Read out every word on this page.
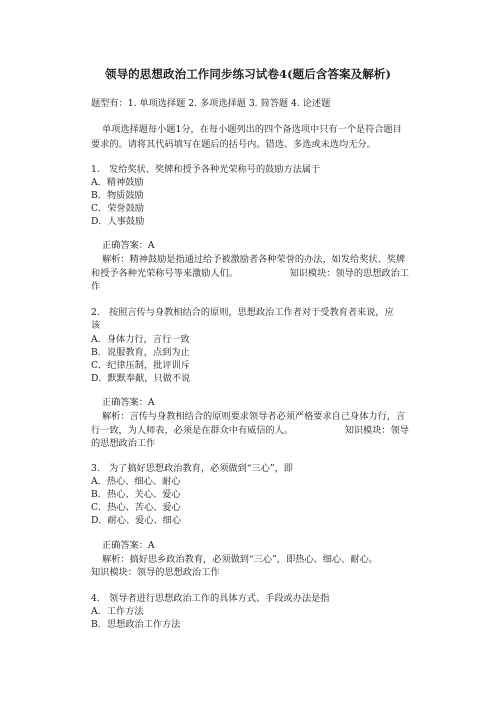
领导的思想政治工作同步练习试卷4(题后含答案及解析)
题型有：1. 单项选择题 2. 多项选择题 3. 简答题 4. 论述题
单项选择题每小题1分，在每小题列出的四个备选项中只有一个是符合题目要求的。请将其代码填写在题后的括号内。错选、多选或未选均无分。
1.　发给奖状、奖牌和授予各种光荣称号的鼓励方法属于
A．精神鼓励
B．物质鼓励
C．荣誉鼓励
D．人事鼓励
正确答案：A
解析：精神鼓励是指通过给予被激励者各种荣誉的办法，如发给奖状、奖牌
和授予各种光荣称号等来激励人们。	知识模块：领导的思想政治工
作
2.　按照言传与身教相结合的原则，思想政治工作者对于受教育者来说，应
该
A．身体力行，言行一致
B．说服教育，点到为止
C．纪律压制，批评训斥
D．默默奉献，只做不说
正确答案：A
解析：言传与身教相结合的原则要求领导者必须严格要求自己身体力行，言
行一致，为人师表，必须是在群众中有威信的人。	知识模块：领导
的思想政治工作
3.　为了搞好思想政治教育，必须做到“三心”，即
A．热心、细心、耐心
B．热心、关心、爱心
C．热心、苦心、爱心
D．耐心、爱心、细心
正确答案：A
解析：搞好思乡政治教育，必须做到“三心”，即热心、细心、耐心。
知识模块：领导的思想政治工作
4.　领导者进行思想政治工作的具体方式、手段或办法是指
A．工作方法
B．思想政治工作方法
